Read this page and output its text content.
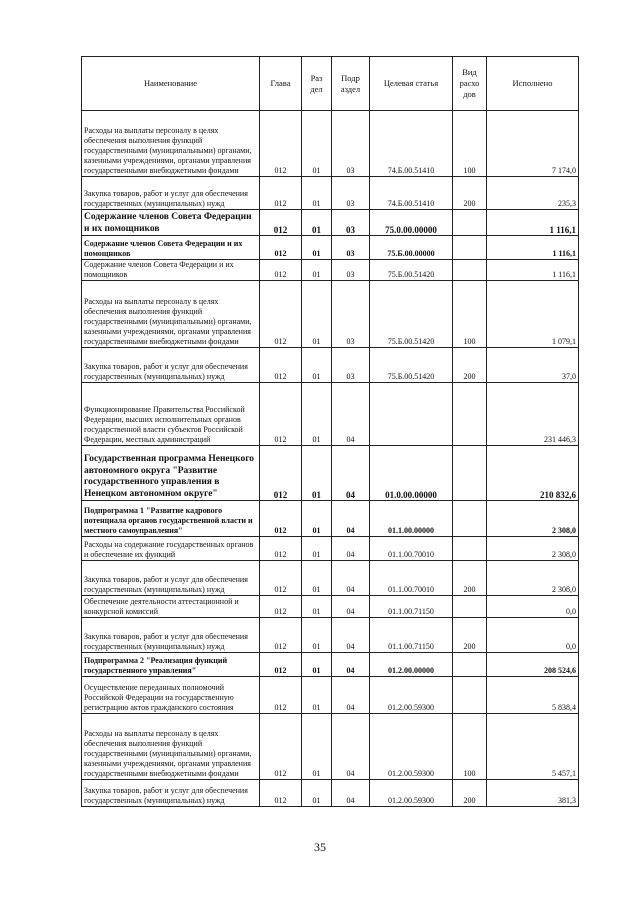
Наименование	Глава	Раз дел	Подр аздел	Целевая статья	Вид расхо дов	Исполнено
Расходы на выплаты персоналу в целях обеспечения выполнения функций государственными (муниципальными) органами, казенными учреждениями, органами управления государственными внебюджетными фондами	012	01	03	74.Б.00.51410	100	7 174,0
Закупка товаров, работ и услуг для обеспечения государственных (муниципальных) нужд	012	01	03	74.Б.00.51410	200	235,3
Содержание членов Совета Федерации и их помощников	012	01	03	75.0.00.00000		1 116,1
Содержание членов Совета Федерации и их помощников	012	01	03	75.Б.00.00000		1 116,1
Содержание членов Совета Федерации и их помощников	012	01	03	75.Б.00.51420		1 116,1
Расходы на выплаты персоналу в целях обеспечения выполнения функций государственными (муниципальными) органами, казенными учреждениями, органами управления государственными внебюджетными фондами	012	01	03	75.Б.00.51420	100	1 079,1
Закупка товаров, работ и услуг для обеспечения государственных (муниципальных) нужд	012	01	03	75.Б.00.51420	200	37,0
Функционирование Правительства Российской Федерации, высших исполнительных органов государственной власти субъектов Российской Федерации, местных администраций	012	01	04			231 446,3
Государственная программа Ненецкого автономного округа "Развитие государственного управления в Ненецком автономном округе"	012	01	04	01.0.00.00000		210 832,6
Подпрограмма 1 "Развитие кадрового потенциала органов государственной власти и местного самоуправления"	012	01	04	01.1.00.00000		2 308,0
Расходы на содержание государственных органов и обеспечение их функций	012	01	04	01.1.00.70010		2 308,0
Закупка товаров, работ и услуг для обеспечения государственных (муниципальных) нужд	012	01	04	01.1.00.70010	200	2 308,0
Обеспечение деятельности аттестационной и конкурсной комиссий	012	01	04	01.1.00.71150		0,0
Закупка товаров, работ и услуг для обеспечения государственных (муниципальных) нужд	012	01	04	01.1.00.71150	200	0,0
Подпрограмма 2 "Реализация функций государственного управления"	012	01	04	01.2.00.00000		208 524,6
Осуществление переданных полномочий Российской Федерации на государственную регистрацию актов гражданского состояния	012	01	04	01.2.00.59300		5 838,4
Расходы на выплаты персоналу в целях обеспечения выполнения функций государственными (муниципальными) органами, казенными учреждениями, органами управления государственными внебюджетными фондами	012	01	04	01.2.00.59300	100	5 457,1
Закупка товаров, работ и услуг для обеспечения государственных (муниципальных) нужд	012	01	04	01.2.00.59300	200	381,3
35
